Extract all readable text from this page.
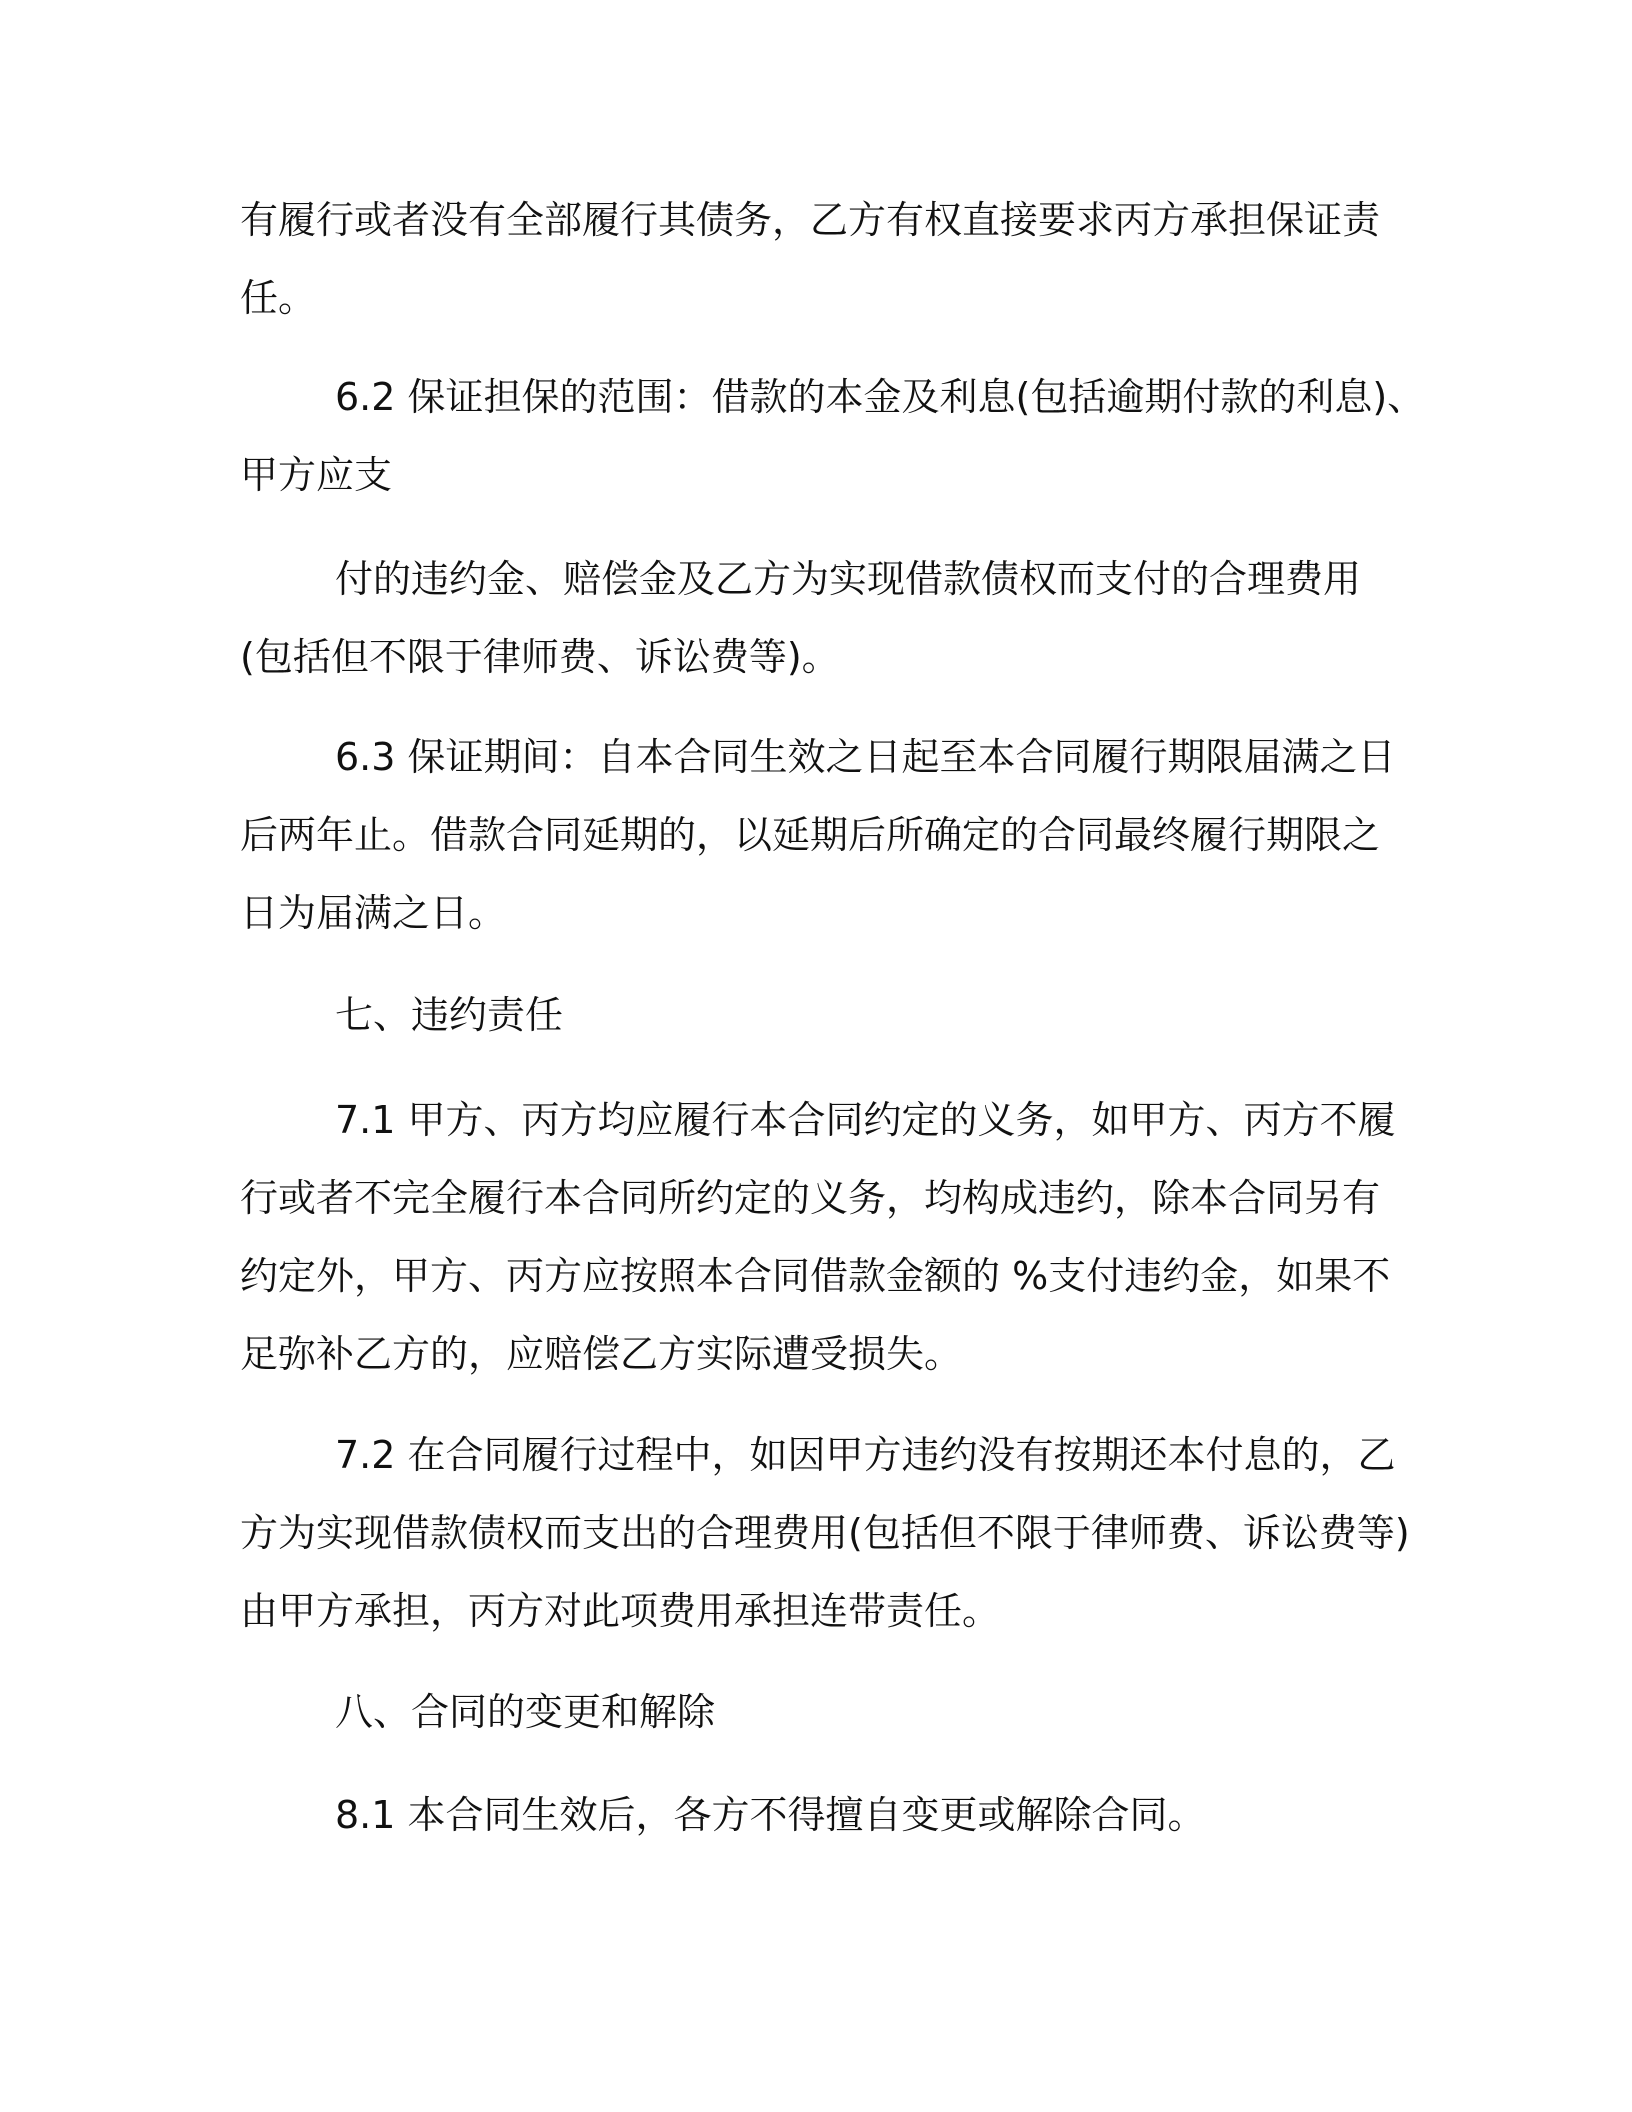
有履行或者没有全部履行其债务，乙方有权直接要求丙方承担保证责
任。

6.2 保证担保的范围：借款的本金及利息(包括逾期付款的利息)、
甲方应支

付的违约金、赔偿金及乙方为实现借款债权而支付的合理费用
(包括但不限于律师费、诉讼费等)。

6.3 保证期间：自本合同生效之日起至本合同履行期限届满之日
后两年止。借款合同延期的，以延期后所确定的合同最终履行期限之
日为届满之日。

七、违约责任

7.1 甲方、丙方均应履行本合同约定的义务，如甲方、丙方不履
行或者不完全履行本合同所约定的义务，均构成违约，除本合同另有
约定外，甲方、丙方应按照本合同借款金额的 %支付违约金，如果不
足弥补乙方的，应赔偿乙方实际遭受损失。

7.2 在合同履行过程中，如因甲方违约没有按期还本付息的，乙
方为实现借款债权而支出的合理费用(包括但不限于律师费、诉讼费等)
由甲方承担，丙方对此项费用承担连带责任。

八、合同的变更和解除

8.1 本合同生效后，各方不得擅自变更或解除合同。
